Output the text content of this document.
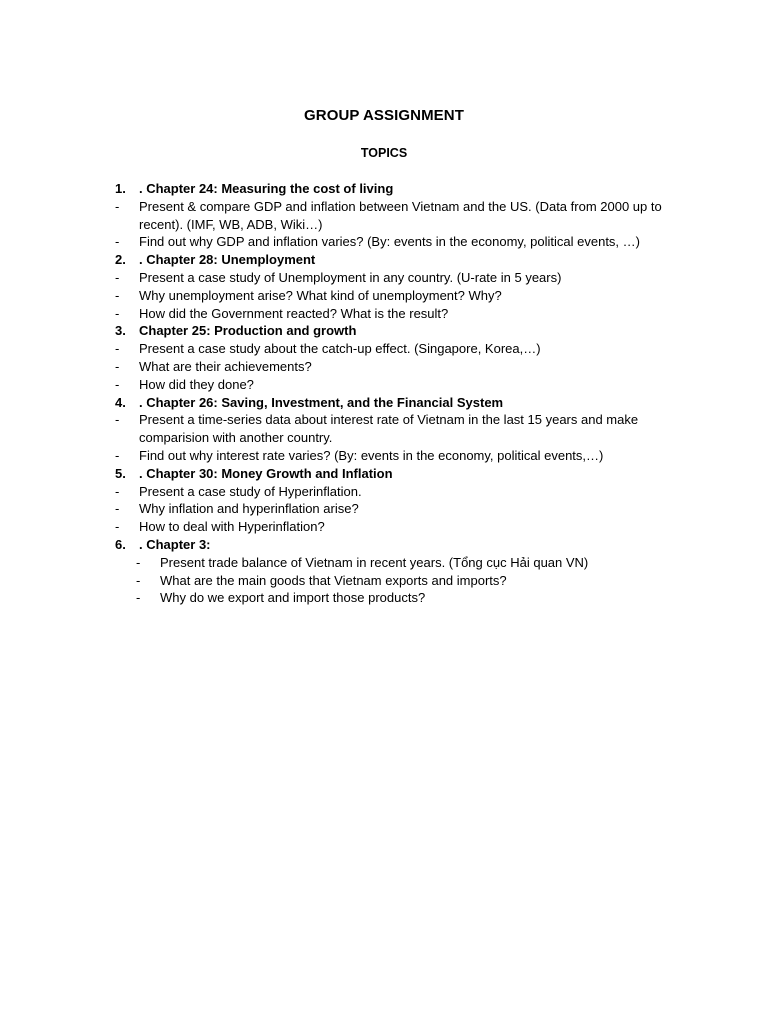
GROUP ASSIGNMENT
TOPICS
1.	. Chapter 24: Measuring the cost of living
-	Present & compare GDP and inflation between Vietnam and the US. (Data from 2000 up to recent). (IMF, WB, ADB, Wiki…)
-	Find out why GDP and inflation varies? (By: events in the economy, political events, …)
2.	. Chapter 28: Unemployment
-	Present a case study of Unemployment in any country. (U-rate in 5 years)
-	Why unemployment arise? What kind of unemployment? Why?
-	How did the Government reacted? What is the result?
3.	Chapter 25: Production and growth
-	Present a case study about the catch-up effect. (Singapore, Korea,…)
-	What are their achievements?
-	How did they done?
4.	. Chapter 26: Saving, Investment, and the Financial System
-	Present a time-series data about interest rate of Vietnam in the last 15 years and make comparision with another country.
-	Find out why interest rate varies? (By: events in the economy, political events,…)
5.	. Chapter 30: Money Growth and Inflation
-	Present a case study of Hyperinflation.
-	Why inflation and hyperinflation arise?
-	How to deal with Hyperinflation?
6.	. Chapter 3:
-	Present trade balance of Vietnam in recent years. (Tổng cục Hải quan VN)
-	What are the main goods that Vietnam exports and imports?
-	Why do we export and import those products?
